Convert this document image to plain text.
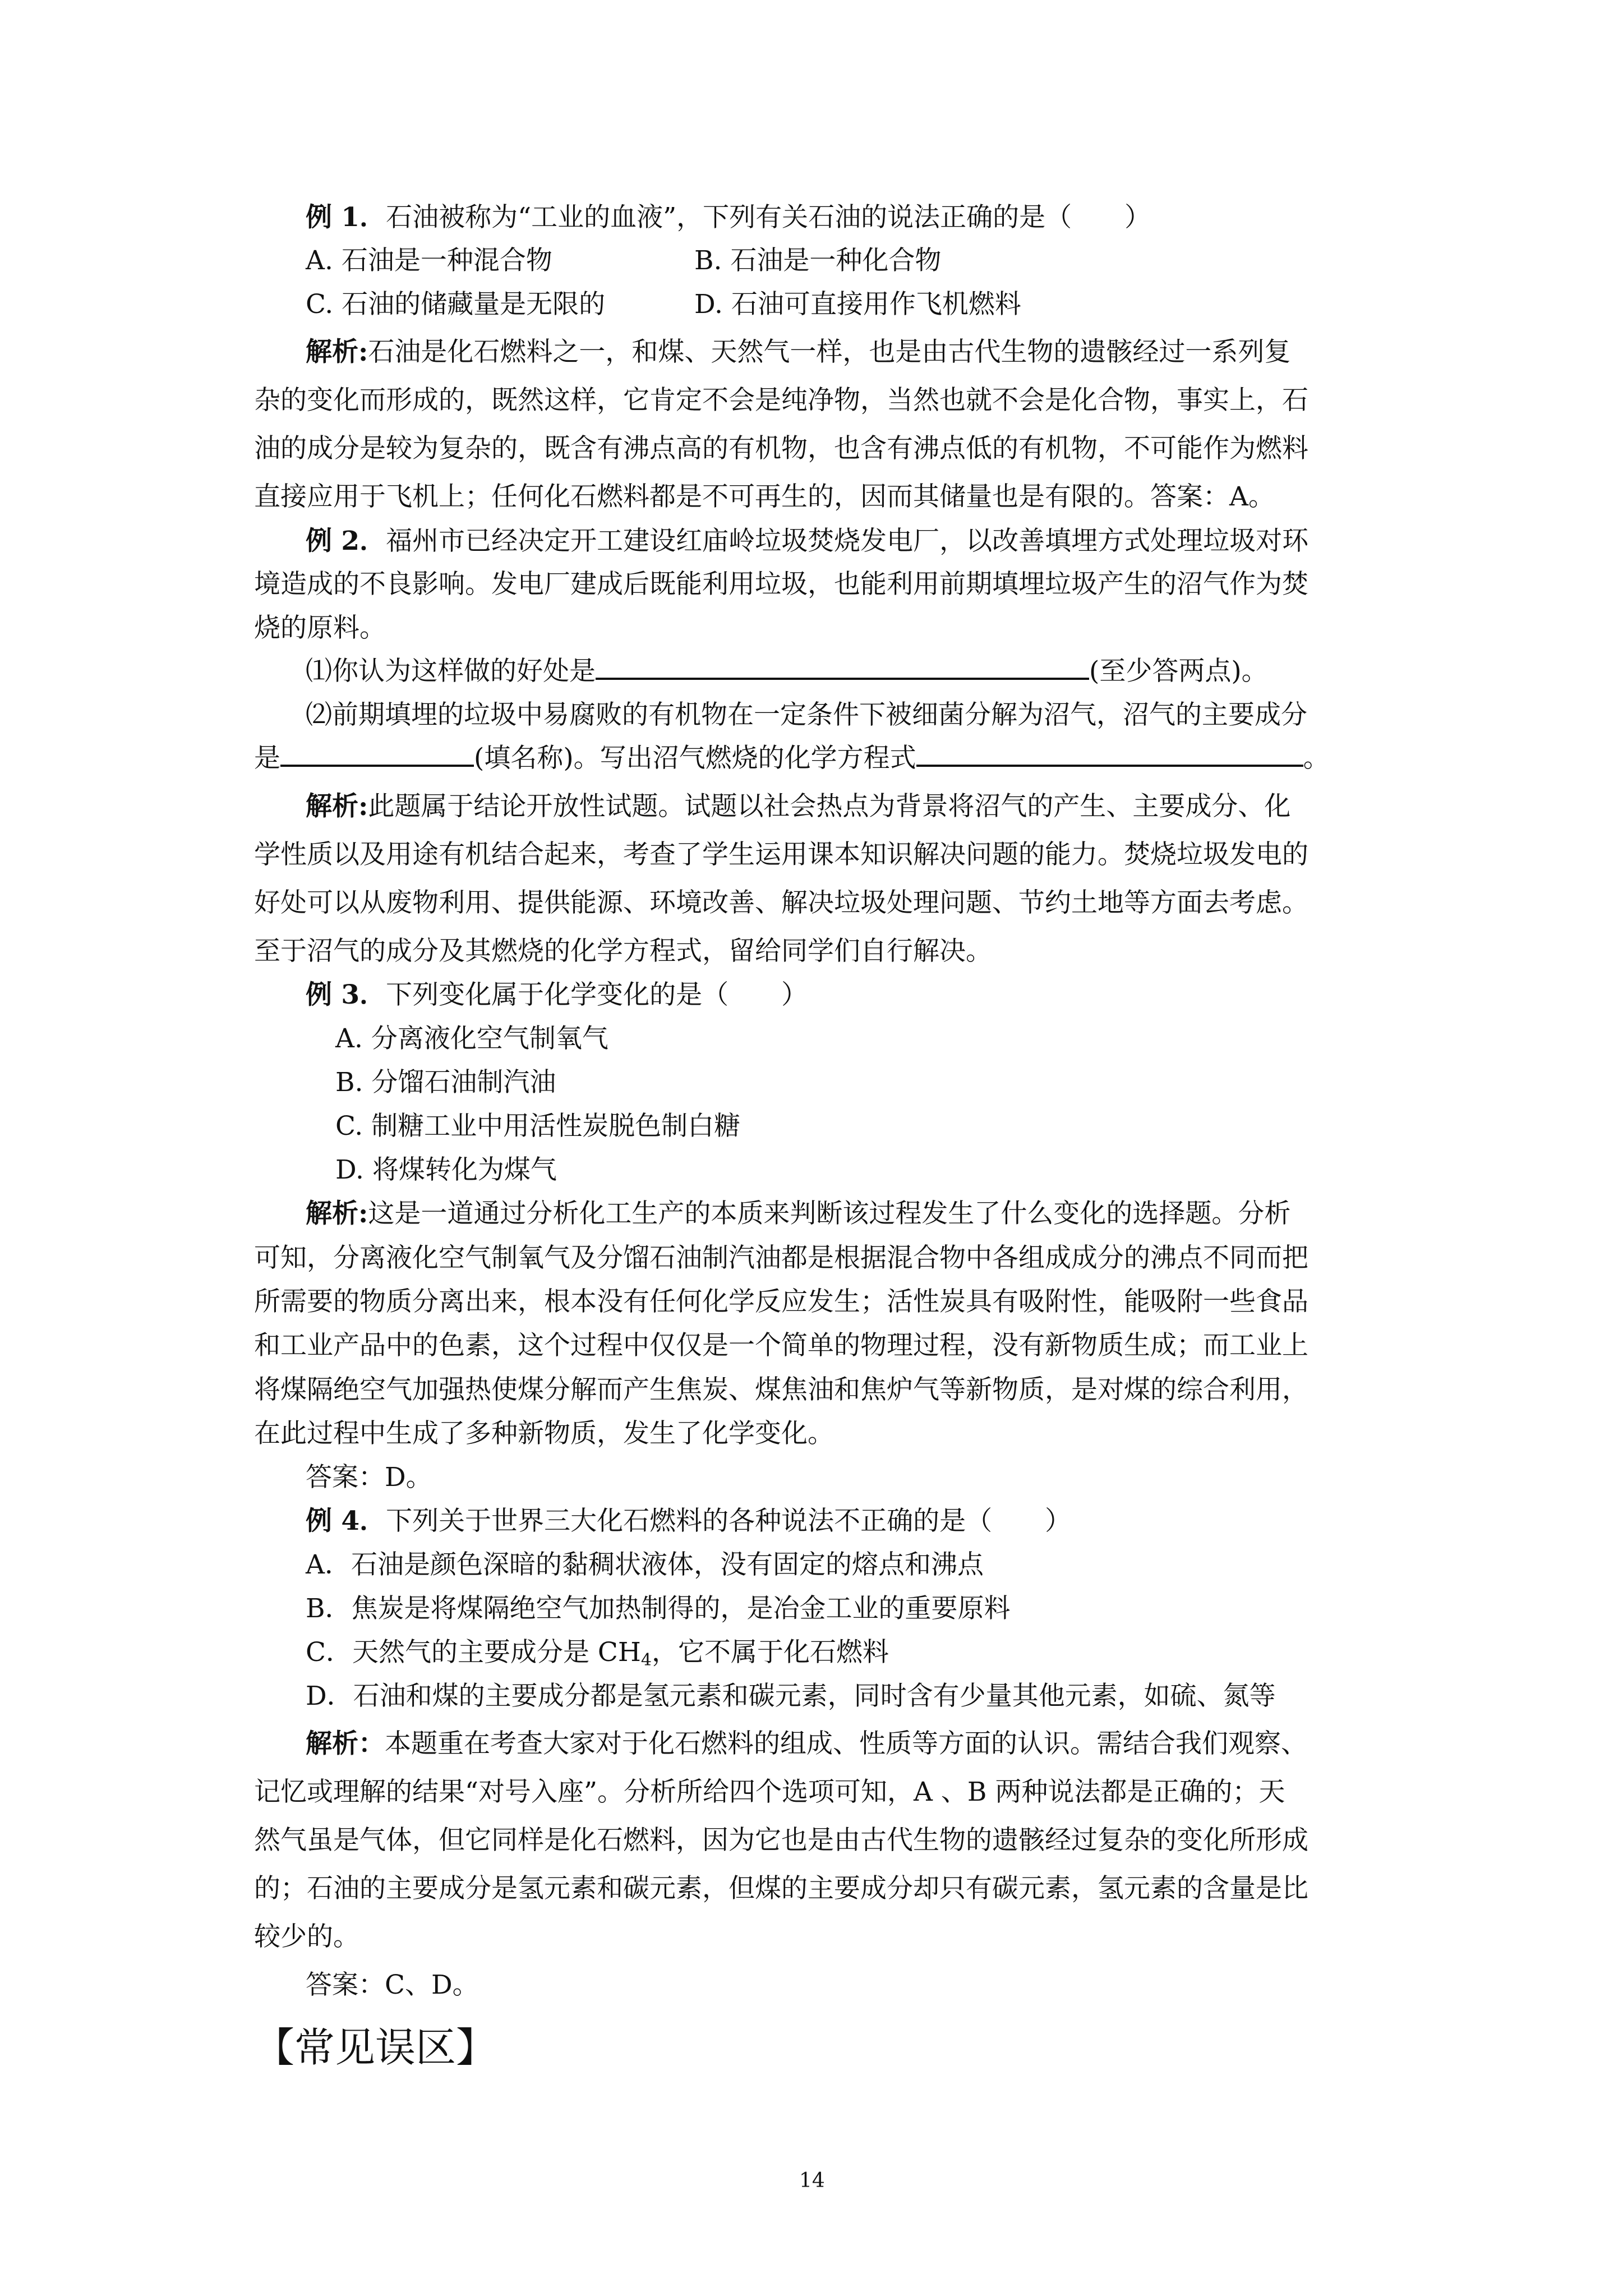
例 1．石油被称为“工业的血液”，下列有关石油的说法正确的是（　　）
A. 石油是一种混合物	B. 石油是一种化合物
C. 石油的储藏量是无限的	D. 石油可直接用作飞机燃料
解析:石油是化石燃料之一，和煤、天然气一样，也是由古代生物的遗骸经过一系列复
杂的变化而形成的，既然这样，它肯定不会是纯净物，当然也就不会是化合物，事实上，石
油的成分是较为复杂的，既含有沸点高的有机物，也含有沸点低的有机物，不可能作为燃料
直接应用于飞机上；任何化石燃料都是不可再生的，因而其储量也是有限的。答案：A。
例 2．福州市已经决定开工建设红庙岭垃圾焚烧发电厂，以改善填埋方式处理垃圾对环
境造成的不良影响。发电厂建成后既能利用垃圾，也能利用前期填埋垃圾产生的沼气作为焚
烧的原料。
⑴你认为这样做的好处是	(至少答两点)。
⑵前期填埋的垃圾中易腐败的有机物在一定条件下被细菌分解为沼气，沼气的主要成分
是	(填名称)。写出沼气燃烧的化学方程式	。
解析:此题属于结论开放性试题。试题以社会热点为背景将沼气的产生、主要成分、化
学性质以及用途有机结合起来，考查了学生运用课本知识解决问题的能力。焚烧垃圾发电的
好处可以从废物利用、提供能源、环境改善、解决垃圾处理问题、节约土地等方面去考虑。
至于沼气的成分及其燃烧的化学方程式，留给同学们自行解决。
例 3．下列变化属于化学变化的是（　　）
A. 分离液化空气制氧气
B. 分馏石油制汽油
C. 制糖工业中用活性炭脱色制白糖
D. 将煤转化为煤气
解析:这是一道通过分析化工生产的本质来判断该过程发生了什么变化的选择题。分析
可知，分离液化空气制氧气及分馏石油制汽油都是根据混合物中各组成成分的沸点不同而把
所需要的物质分离出来，根本没有任何化学反应发生；活性炭具有吸附性，能吸附一些食品
和工业产品中的色素，这个过程中仅仅是一个简单的物理过程，没有新物质生成；而工业上
将煤隔绝空气加强热使煤分解而产生焦炭、煤焦油和焦炉气等新物质，是对煤的综合利用，
在此过程中生成了多种新物质，发生了化学变化。
答案：D。
例 4．下列关于世界三大化石燃料的各种说法不正确的是（　　）
A．石油是颜色深暗的黏稠状液体，没有固定的熔点和沸点
B．焦炭是将煤隔绝空气加热制得的，是冶金工业的重要原料
C．天然气的主要成分是 $CH_4$，它不属于化石燃料
D．石油和煤的主要成分都是氢元素和碳元素，同时含有少量其他元素，如硫、氮等
解析：本题重在考查大家对于化石燃料的组成、性质等方面的认识。需结合我们观察、
记忆或理解的结果“对号入座”。分析所给四个选项可知，A 、B 两种说法都是正确的；天
然气虽是气体，但它同样是化石燃料，因为它也是由古代生物的遗骸经过复杂的变化所形成
的；石油的主要成分是氢元素和碳元素，但煤的主要成分却只有碳元素，氢元素的含量是比
较少的。
答案：C、D。
【常见误区】
14
